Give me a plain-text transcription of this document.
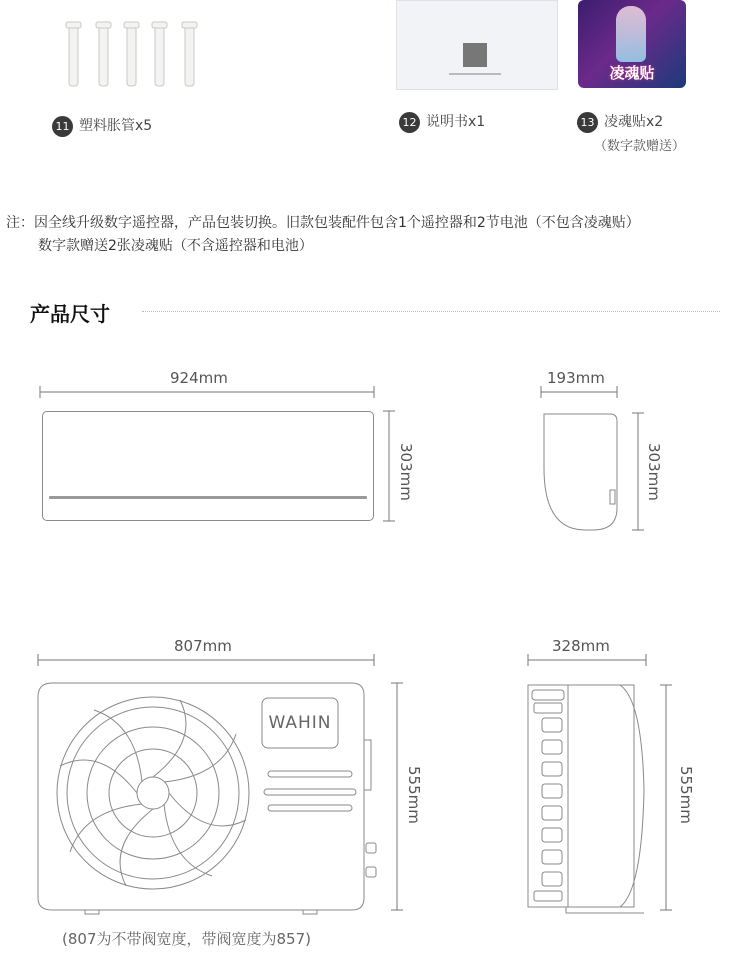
11 塑料胀管x5	12 说明书x1
凌魂贴
13 凌魂贴x2
（数字款赠送）
注：因全线升级数字遥控器，产品包装切换。旧款包装配件包含1个遥控器和2节电池（不包含凌魂贴）
数字款赠送2张凌魂贴（不含遥控器和电池）
产品尺寸
924mm
303mm
193mm
303mm
807mm
WAHIN
555mm
(807为不带阀宽度，带阀宽度为857)
328mm
555mm
